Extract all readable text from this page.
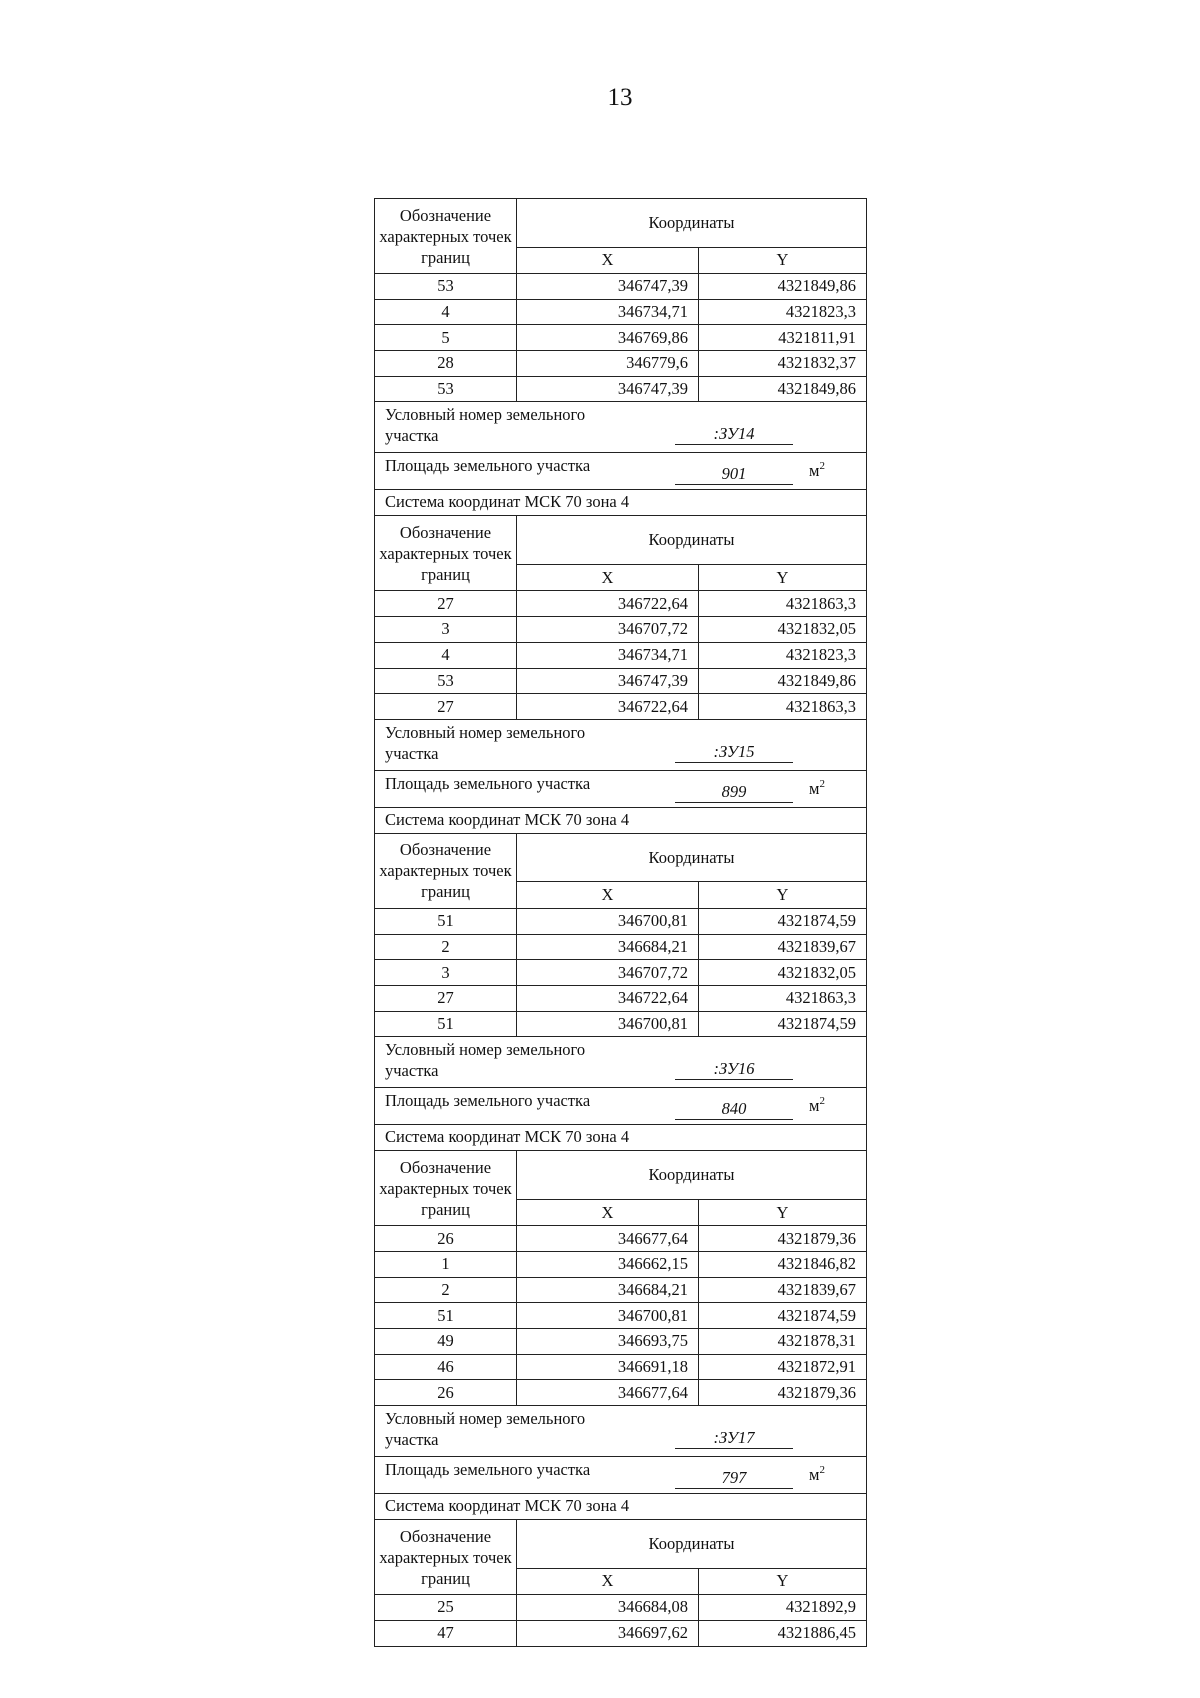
13
Обозначение характерных точек границ	Координаты	
	X	Y
53	346747,39	4321849,86
4	346734,71	4321823,3
5	346769,86	4321811,91
28	346779,6	4321832,37
53	346747,39	4321849,86

Условный номер земельного участка :ЗУ14		

Площадь земельного участка 901 $м^2$

Система координат МСК 70 зона 4		
Обозначение характерных точек границ	Координаты	
	X	Y
27	346722,64	4321863,3
3	346707,72	4321832,05
4	346734,71	4321823,3
53	346747,39	4321849,86
27	346722,64	4321863,3

Условный номер земельного участка :ЗУ15		

Площадь земельного участка 899 $м^2$

Система координат МСК 70 зона 4		
Обозначение характерных точек границ	Координаты	
	X	Y
51	346700,81	4321874,59
2	346684,21	4321839,67
3	346707,72	4321832,05
27	346722,64	4321863,3
51	346700,81	4321874,59

Условный номер земельного участка :ЗУ16		

Площадь земельного участка 840 $м^2$

Система координат МСК 70 зона 4		
Обозначение характерных точек границ	Координаты	
	X	Y
26	346677,64	4321879,36
1	346662,15	4321846,82
2	346684,21	4321839,67
51	346700,81	4321874,59
49	346693,75	4321878,31
46	346691,18	4321872,91
26	346677,64	4321879,36

Условный номер земельного участка :ЗУ17		

Площадь земельного участка 797 $м^2$

Система координат МСК 70 зона 4		
Обозначение характерных точек границ	Координаты	
	X	Y
25	346684,08	4321892,9
47	346697,62	4321886,45
